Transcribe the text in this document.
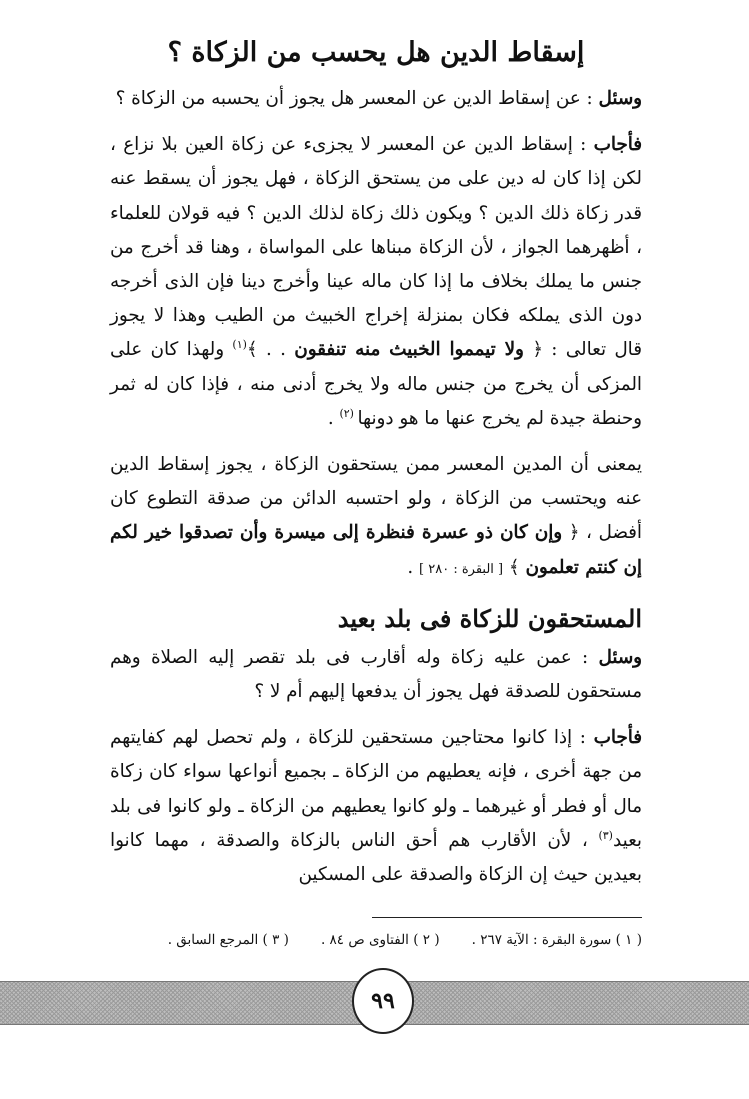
إسقاط الدين هل يحسب من الزكاة ؟

وسئل : عن إسقاط الدين عن المعسر هل يجوز أن يحسبه من الزكاة ؟

فأجاب : إسقاط الدين عن المعسر لا يجزىء عن زكاة العين بلا نزاع ، لكن إذا كان له دين على من يستحق الزكاة ، فهل يجوز أن يسقط عنه قدر زكاة ذلك الدين ؟ ويكون ذلك زكاة لذلك الدين ؟ فيه قولان للعلماء ، أظهرهما الجواز ، لأن الزكاة مبناها على المواساة ، وهنا قد أخرج من جنس ما يملك بخلاف ما إذا كان ماله عينا وأخرج دينا فإن الذى أخرجه دون الذى يملكه فكان بمنزلة إخراج الخبيث من الطيب وهذا لا يجوز قال تعالى : ﴿ ولا تيمموا الخبيث منه تنفقون . . ﴾$^{(١)}$ ولهذا كان على المزكى أن يخرج من جنس ماله ولا يخرج أدنى منه ، فإذا كان له ثمر وحنطة جيدة لم يخرج عنها ما هو دونها $^{(٢)}$ .

يمعنى أن المدين المعسر ممن يستحقون الزكاة ، يجوز إسقاط الدين عنه ويحتسب من الزكاة ، ولو احتسبه الدائن من صدقة التطوع كان أفضل ، ﴿ وإن كان ذو عسرة فنظرة إلى ميسرة وأن تصدقوا خير لكم إن كنتم تعلمون ﴾ [ البقرة : ٢٨٠ ] .

المستحقون للزكاة فى بلد بعيد

وسئل : عمن عليه زكاة وله أقارب فى بلد تقصر إليه الصلاة وهم مستحقون للصدقة فهل يجوز أن يدفعها إليهم أم لا ؟

فأجاب : إذا كانوا محتاجين مستحقين للزكاة ، ولم تحصل لهم كفايتهم من جهة أخرى ، فإنه يعطيهم من الزكاة ـ بجميع أنواعها سواء كان زكاة مال أو فطر أو غيرهما ـ ولو كانوا يعطيهم من الزكاة ـ ولو كانوا فى بلد بعيد$^{(٣)}$ ، لأن الأقارب هم أحق الناس بالزكاة والصدقة ، مهما كانوا بعيدين حيث إن الزكاة والصدقة على المسكين

( ١ ) سورة البقرة : الآية ٢٦٧ .
( ٢ ) الفتاوى ص ٨٤ .
( ٣ ) المرجع السابق .
٩٩
